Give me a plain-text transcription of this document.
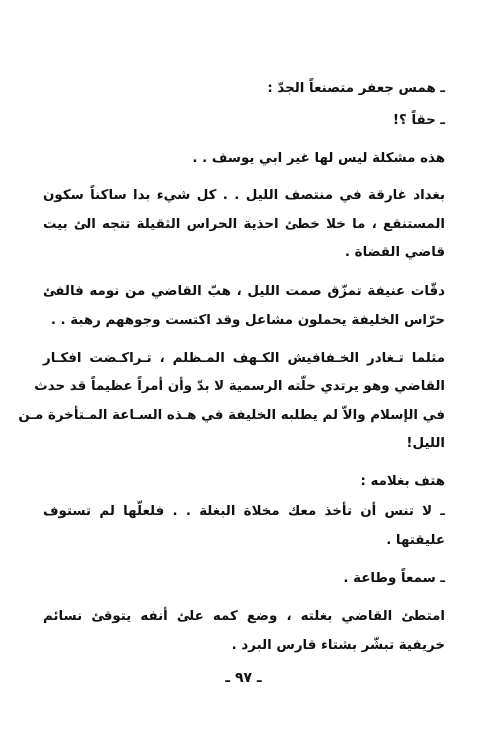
ـ همس جعفر متصنعاً الجدّ :
ـ حقاً ؟!
هذه مشكلة ليس لها غير ابي يوسف . .
بغداد غارقة في منتصف الليل . . كل شيء بدا ساكناً سكون
المستنقع ، ما خلا خطئ احذية الحراس الثقيلة تتجه الئ بيت
قاضي القضاة .
دقّات عنيفة تمزّق صمت الليل ، هبّ القاضي من نومه فالفئ
حرّاس الخليفة يحملون مشاعل وقد اكتست وجوههم رهبة . .
مثلما تـغادر الخـفافيش الكـهف المـظلم ، تـراكـضت افكـار
القاضي وهو يرتدي حلّته الرسمية لا بدّ وأن أمراً عظيماً قد حدث
في الإسلام والاّ لم يطلبه الخليفة في هـذه السـاعة المـتأخرة مـن
الليل!
هتف بغلامه :
ـ لا تنس أن تأخذ معك مخلاة البغلة . . فلعلّها لم تستوف
عليقتها .
ـ سمعاً وطاعة .
امتطئ القاضي بغلته ، وضع كمه علئ أنفه يتوقئ نسائم
خريفية تبشّر بشتاء قارس البرد .
ـ ٩٧ ـ
